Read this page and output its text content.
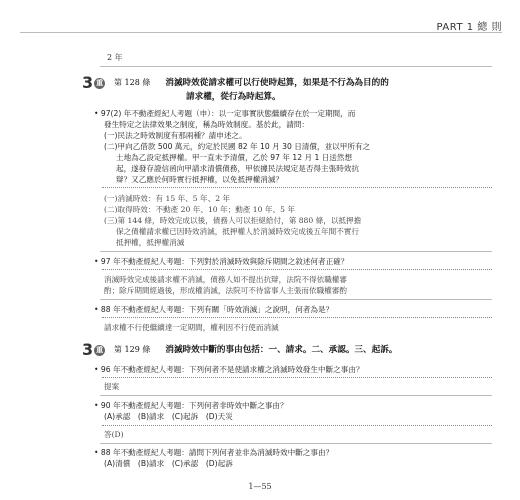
PART 1 總 則
2 年
3 重 第 128 條 消滅時效從請求權可以行使時起算，如果是不行為為目的的
請求權，從行為時起算。
• 97(2) 年不動產經紀人考題（申）：以一定事實狀態繼續存在於一定期間，而
發生特定之法律效果之制度，稱為時效制度。基於此，請問：
(一)民法之時效制度有那兩種？請申述之。
(二)甲向乙借款 500 萬元，約定於民國 82 年 10 月 30 日清償，並以甲所有之
土地為乙設定抵押權。甲一直未予清償，乙於 97 年 12 月 1 日送然想
起，遂發存證信函向甲請求清償債務，甲依據民法規定是否得主張時效抗
辯？又乙應於何時實行抵押權，以免抵押權消滅？
(一)消滅時效：有 15 年、5 年、2 年
(二)取得時效：不動產 20 年、10 年；動產 10 年、5 年
(三)第 144 條，時效完成以後，債務人可以拒絕給付，第 880 條，以抵押擔
保之債權請求權已因時效消滅，抵押權人於消滅時效完成後五年間不實行
抵押權，抵押權消滅
• 97 年不動產經紀人考題：下列對於消滅時效與除斥期間之敘述何者正確？
消滅時效完成後請求權不消滅，債務人如不提出抗辯，法院不得依職權審
酌；除斥期間經過後，形成權消滅，法院可不待當事人主張而依職權審酌
• 88 年不動產經紀人考題：下列有關「時效消滅」之說明，何者為是？
請求權不行使繼續達一定期間，權利因不行使而消滅
3 重 第 129 條 消滅時效中斷的事由包括：一、請求。二、承認。三、起訴。
• 96 年不動產經紀人考題：下列何者不是使請求權之消滅時效發生中斷之事由？
提案
• 90 年不動產經紀人考題：下列何者非時效中斷之事由？
(A)承認　(B)請求　(C)起訴　(D)天災
答(D)
• 88 年不動產經紀人考題：請問下列何者並非為消滅時效中斷之事由？
(A)清償　(B)請求　(C)承認　(D)起訴
1—55
